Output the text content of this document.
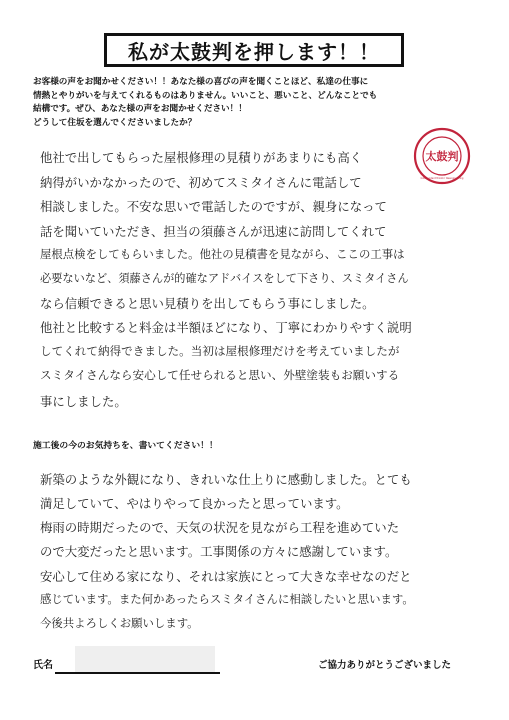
私が太鼓判を押します！！
お客様の声をお聞かせください！！あなた様の喜びの声を聞くことほど、私達の仕事に
情熱とやりがいを与えてくれるものはありません。いいこと、悪いこと、どんなことでも
結構です。ぜひ、あなた様の声をお聞かせください！！
どうして住坂を選んでくださいましたか？
太鼓判
Independent thinkin' Reengineering
他社で出してもらった屋根修理の見積りがあまりにも高く
納得がいかなかったので、初めてスミタイさんに電話して
相談しました。不安な思いで電話したのですが、親身になって
話を聞いていただき、担当の須藤さんが迅速に訪問してくれて
屋根点検をしてもらいました。他社の見積書を見ながら、ここの工事は
必要ないなど、須藤さんが的確なアドバイスをして下さり、スミタイさん
なら信頼できると思い見積りを出してもらう事にしました。
他社と比較すると料金は半額ほどになり、丁寧にわかりやすく説明
してくれて納得できました。当初は屋根修理だけを考えていましたが
スミタイさんなら安心して任せられると思い、外壁塗装もお願いする
事にしました。
施工後の今のお気持ちを、書いてください！！
新築のような外観になり、きれいな仕上りに感動しました。とても
満足していて、やはりやって良かったと思っています。
梅雨の時期だったので、天気の状況を見ながら工程を進めていた
ので大変だったと思います。工事関係の方々に感謝しています。
安心して住める家になり、それは家族にとって大きな幸せなのだと
感じています。また何かあったらスミタイさんに相談したいと思います。
今後共よろしくお願いします。
氏名	ご協力ありがとうございました
